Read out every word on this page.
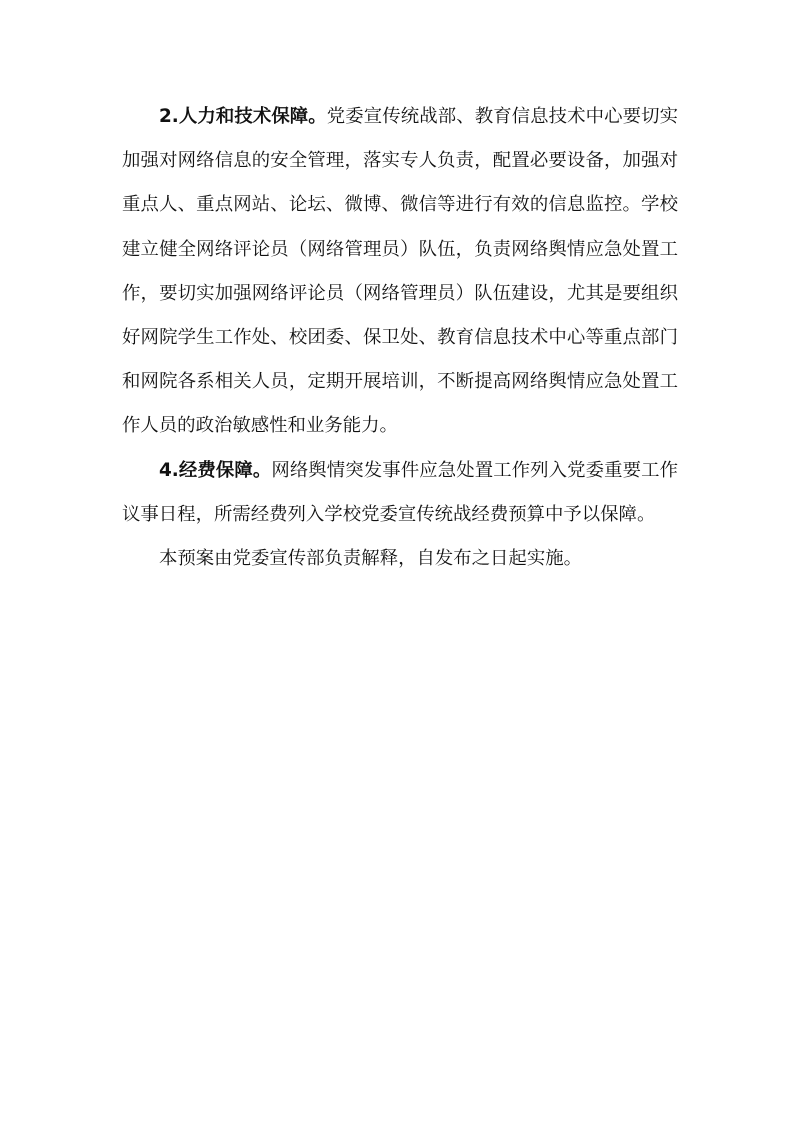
2.人力和技术保障。党委宣传统战部、教育信息技术中心要切实加强对网络信息的安全管理，落实专人负责，配置必要设备，加强对重点人、重点网站、论坛、微博、微信等进行有效的信息监控。学校建立健全网络评论员（网络管理员）队伍，负责网络舆情应急处置工作，要切实加强网络评论员（网络管理员）队伍建设，尤其是要组织好网院学生工作处、校团委、保卫处、教育信息技术中心等重点部门和网院各系相关人员，定期开展培训，不断提高网络舆情应急处置工作人员的政治敏感性和业务能力。

4.经费保障。网络舆情突发事件应急处置工作列入党委重要工作议事日程，所需经费列入学校党委宣传统战经费预算中予以保障。

本预案由党委宣传部负责解释，自发布之日起实施。
